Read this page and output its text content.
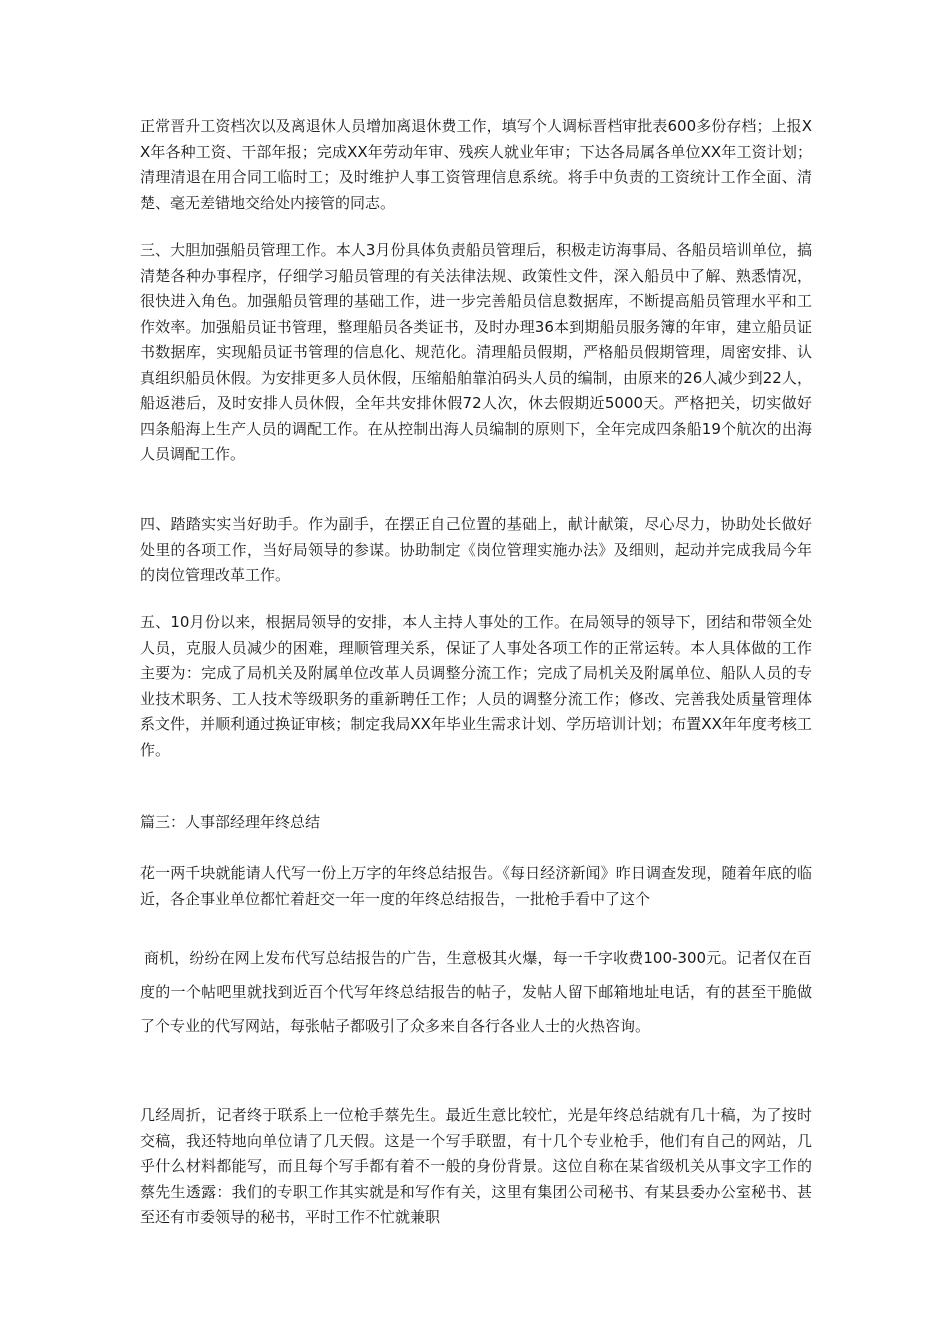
正常晋升工资档次以及离退休人员增加离退休费工作，填写个人调标晋档审批表600多份存档；上报XX年各种工资、干部年报；完成XX年劳动年审、残疾人就业年审；下达各局属各单位XX年工资计划；清理清退在用合同工临时工；及时维护人事工资管理信息系统。将手中负责的工资统计工作全面、清楚、毫无差错地交给处内接管的同志。

三、大胆加强船员管理工作。本人3月份具体负责船员管理后，积极走访海事局、各船员培训单位，搞清楚各种办事程序，仔细学习船员管理的有关法律法规、政策性文件，深入船员中了解、熟悉情况，很快进入角色。加强船员管理的基础工作，进一步完善船员信息数据库，不断提高船员管理水平和工作效率。加强船员证书管理，整理船员各类证书，及时办理36本到期船员服务簿的年审，建立船员证书数据库，实现船员证书管理的信息化、规范化。清理船员假期，严格船员假期管理，周密安排、认真组织船员休假。为安排更多人员休假，压缩船舶靠泊码头人员的编制，由原来的26人减少到22人，船返港后，及时安排人员休假，全年共安排休假72人次，休去假期近5000天。严格把关，切实做好四条船海上生产人员的调配工作。在从控制出海人员编制的原则下，全年完成四条船19个航次的出海人员调配工作。

四、踏踏实实当好助手。作为副手，在摆正自己位置的基础上，献计献策，尽心尽力，协助处长做好处里的各项工作，当好局领导的参谋。协助制定《岗位管理实施办法》及细则，起动并完成我局今年的岗位管理改革工作。

五、10月份以来，根据局领导的安排，本人主持人事处的工作。在局领导的领导下，团结和带领全处人员，克服人员减少的困难，理顺管理关系，保证了人事处各项工作的正常运转。本人具体做的工作主要为：完成了局机关及附属单位改革人员调整分流工作；完成了局机关及附属单位、船队人员的专业技术职务、工人技术等级职务的重新聘任工作；人员的调整分流工作；修改、完善我处质量管理体系文件，并顺利通过换证审核；制定我局XX年毕业生需求计划、学历培训计划；布置XX年年度考核工作。

篇三：人事部经理年终总结

花一两千块就能请人代写一份上万字的年终总结报告。《每日经济新闻》昨日调查发现，随着年底的临近，各企事业单位都忙着赶交一年一度的年终总结报告，一批枪手看中了这个

商机，纷纷在网上发布代写总结报告的广告，生意极其火爆，每一千字收费100-300元。记者仅在百度的一个帖吧里就找到近百个代写年终总结报告的帖子，发帖人留下邮箱地址电话，有的甚至干脆做了个专业的代写网站，每张帖子都吸引了众多来自各行各业人士的火热咨询。

几经周折，记者终于联系上一位枪手蔡先生。最近生意比较忙，光是年终总结就有几十稿，为了按时交稿，我还特地向单位请了几天假。这是一个写手联盟，有十几个专业枪手，他们有自己的网站，几乎什么材料都能写，而且每个写手都有着不一般的身份背景。这位自称在某省级机关从事文字工作的蔡先生透露：我们的专职工作其实就是和写作有关，这里有集团公司秘书、有某县委办公室秘书、甚至还有市委领导的秘书，平时工作不忙就兼职
